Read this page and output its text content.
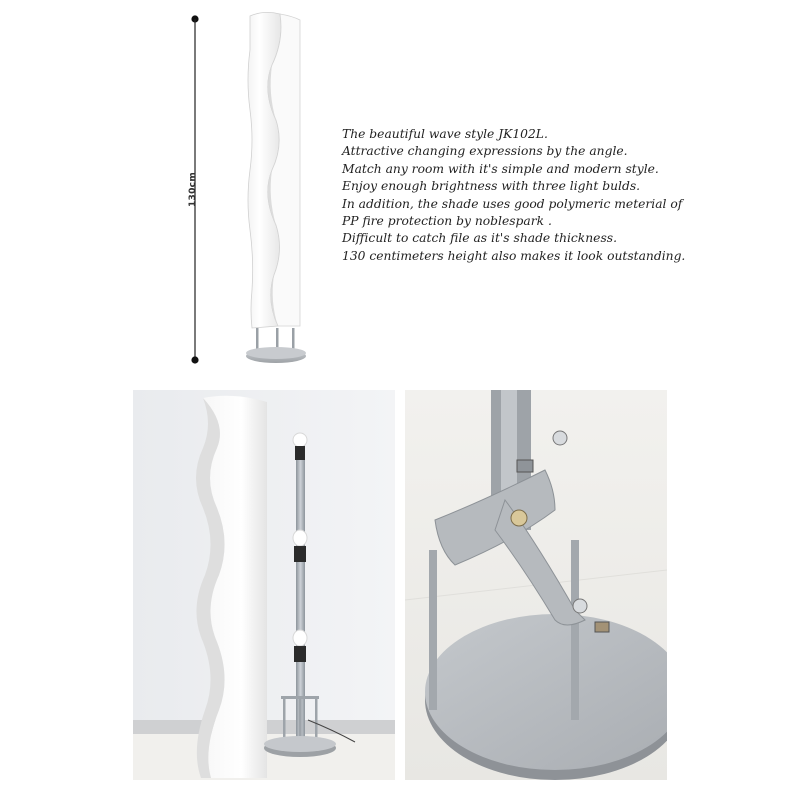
130cm
The beautiful wave style JK102L.
Attractive changing expressions by the angle.
Match any room with it's simple and modern style.
Enjoy enough brightness with three light bulds.
In addition, the shade uses good polymeric meterial of
PP fire protection by noblespark .
Difficult to catch file as it's shade thickness.
130 centimeters height also makes it look outstanding.
